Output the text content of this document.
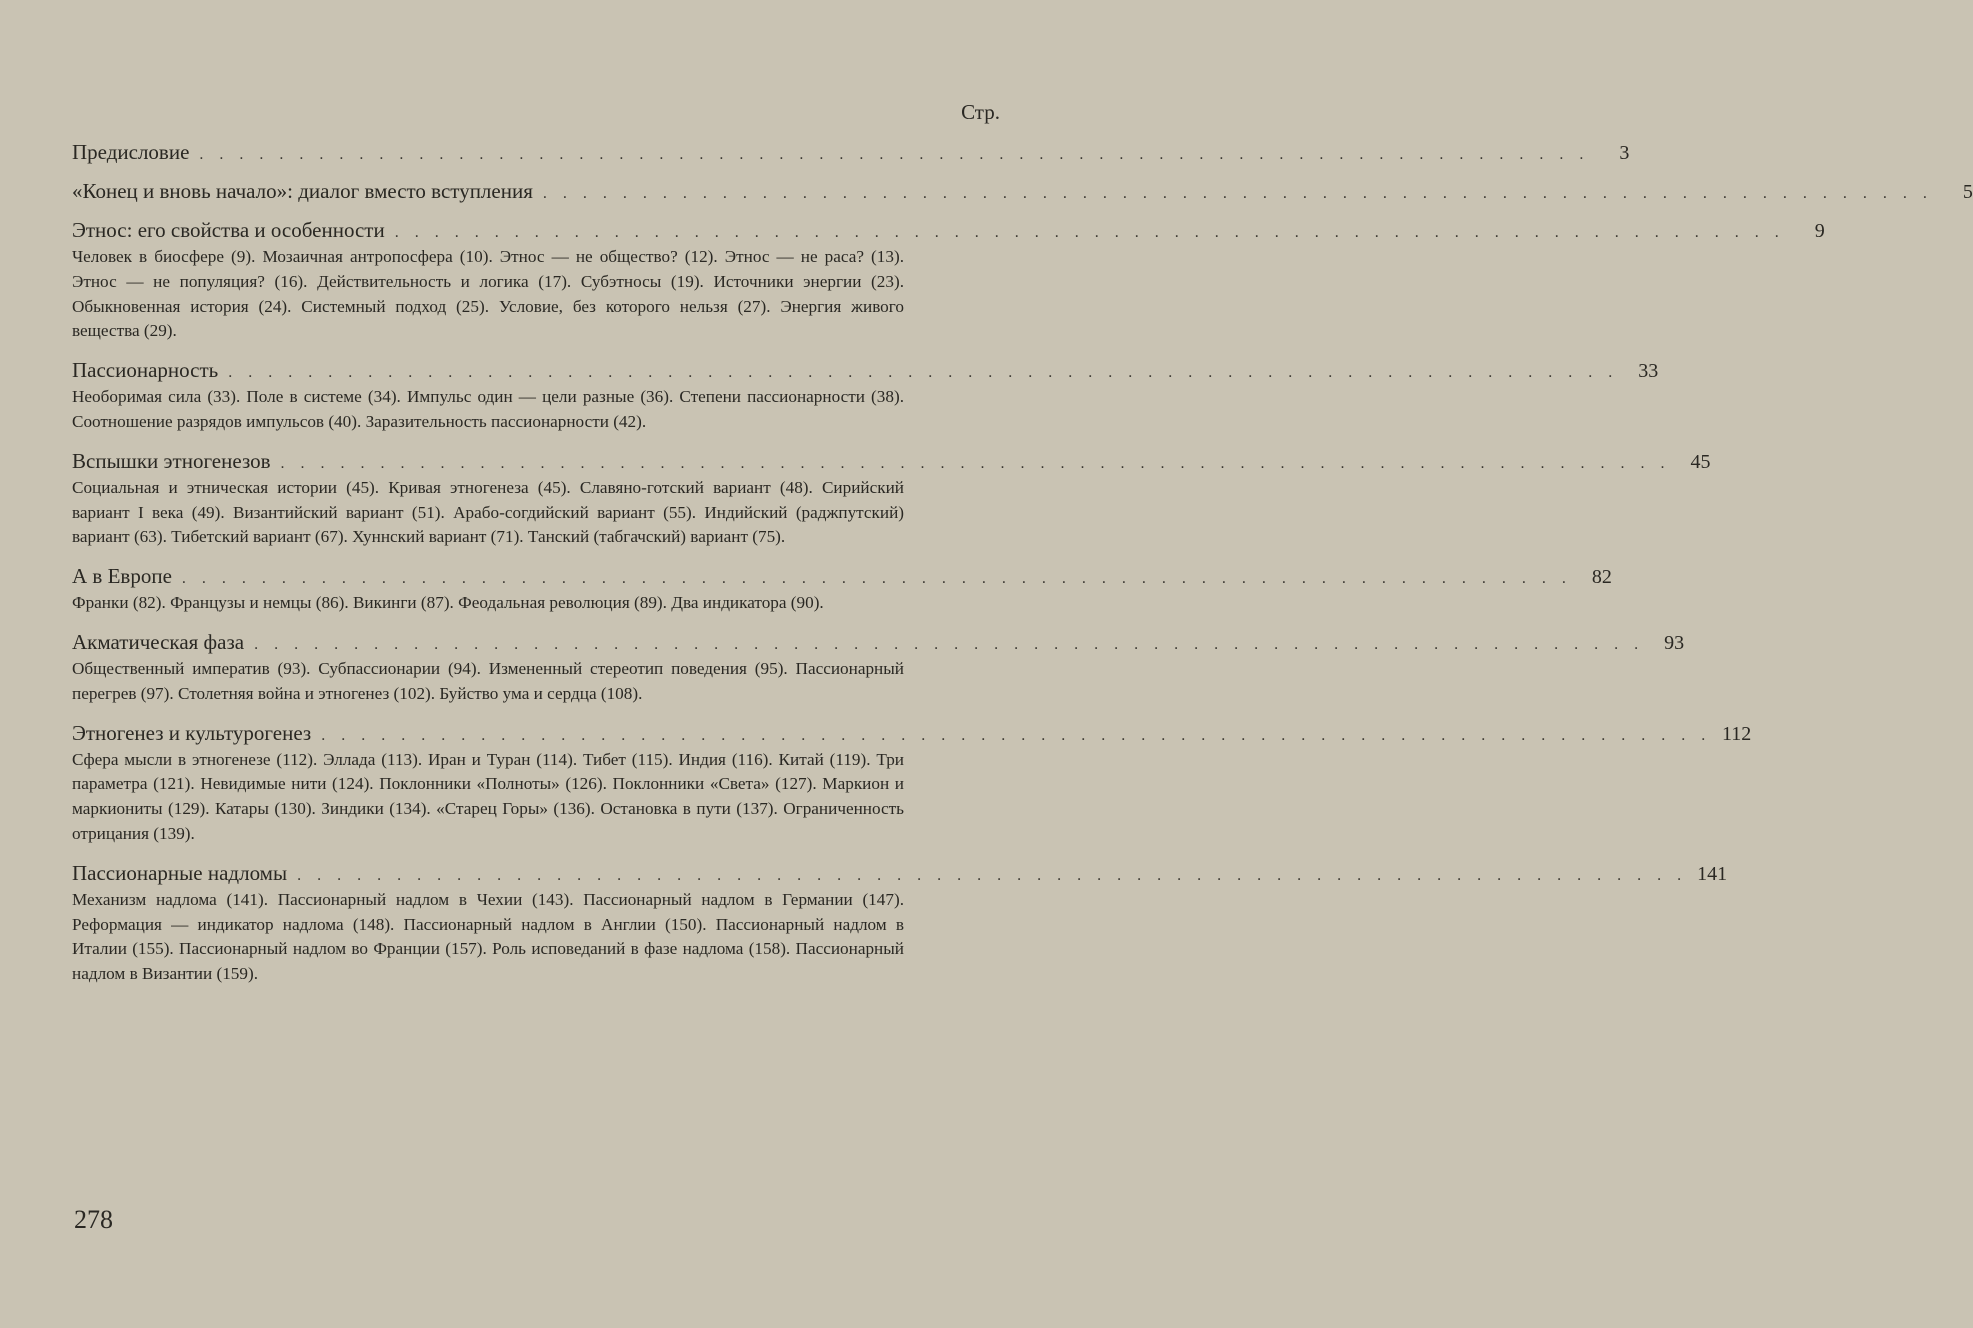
Стр.
Предисловие . . . . . . . . . . . . . . . . . . . . . . . . . . . . . . . . . . . . . . . . . . . . . . . . . . . . . . . . . . . . . . . . . . . . . .	3
«Конец и вновь начало»: диалог вместо вступления . . . . . . . . . . . . . . . . . . . . . . . . . . . . . . . . . . . . . . . . . . . . . . . . . . . . . . . . . . . . . . . . . . . . . .	5
Этнос: его свойства и особенности . . . . . . . . . . . . . . . . . . . . . . . . . . . . . . . . . . . . . . . . . . . . . . . . . . . . . . . . . . . . . . . . . . . . . .	9
Человек в биосфере (9). Мозаичная антропосфера (10). Этнос — не общество? (12). Этнос — не раса? (13). Этнос — не популяция? (16). Действительность и логика (17). Субэтносы (19). Источники энергии (23). Обыкновенная история (24). Системный подход (25). Условие, без которого нельзя (27). Энергия живого вещества (29).
Пассионарность . . . . . . . . . . . . . . . . . . . . . . . . . . . . . . . . . . . . . . . . . . . . . . . . . . . . . . . . . . . . . . . . . . . . . .	33
Необоримая сила (33). Поле в системе (34). Импульс один — цели разные (36). Степени пассионарности (38). Соотношение разрядов импульсов (40). Заразительность пассионарности (42).
Вспышки этногенезов . . . . . . . . . . . . . . . . . . . . . . . . . . . . . . . . . . . . . . . . . . . . . . . . . . . . . . . . . . . . . . . . . . . . . .	45
Социальная и этническая истории (45). Кривая этногенеза (45). Славяно-готский вариант (48). Сирийский вариант I века (49). Византийский вариант (51). Арабо-согдийский вариант (55). Индийский (раджпутский) вариант (63). Тибетский вариант (67). Хуннский вариант (71). Танский (табгачский) вариант (75).
А в Европе . . . . . . . . . . . . . . . . . . . . . . . . . . . . . . . . . . . . . . . . . . . . . . . . . . . . . . . . . . . . . . . . . . . . . .	82
Франки (82). Французы и немцы (86). Викинги (87). Феодальная революция (89). Два индикатора (90).
Акматическая фаза . . . . . . . . . . . . . . . . . . . . . . . . . . . . . . . . . . . . . . . . . . . . . . . . . . . . . . . . . . . . . . . . . . . . . .	93
Общественный императив (93). Субпассионарии (94). Измененный стереотип поведения (95). Пассионарный перегрев (97). Столетняя война и этногенез (102). Буйство ума и сердца (108).
Этногенез и культурогенез . . . . . . . . . . . . . . . . . . . . . . . . . . . . . . . . . . . . . . . . . . . . . . . . . . . . . . . . . . . . . . . . . . . . . . 112
Сфера мысли в этногенезе (112). Эллада (113). Иран и Туран (114). Тибет (115). Индия (116). Китай (119). Три параметра (121). Невидимые нити (124). Поклонники «Полноты» (126). Поклонники «Света» (127). Маркион и маркиониты (129). Катары (130). Зиндики (134). «Старец Горы» (136). Остановка в пути (137). Ограниченность отрицания (139).
Пассионарные надломы . . . . . . . . . . . . . . . . . . . . . . . . . . . . . . . . . . . . . . . . . . . . . . . . . . . . . . . . . . . . . . . . . . . . . . 141
Механизм надлома (141). Пассионарный надлом в Чехии (143). Пассионарный надлом в Германии (147). Реформация — индикатор надлома (148). Пассионарный надлом в Англии (150). Пассионарный надлом в Италии (155). Пассионарный надлом во Франции (157). Роль исповеданий в фазе надлома (158). Пассионарный надлом в Византии (159).
278
